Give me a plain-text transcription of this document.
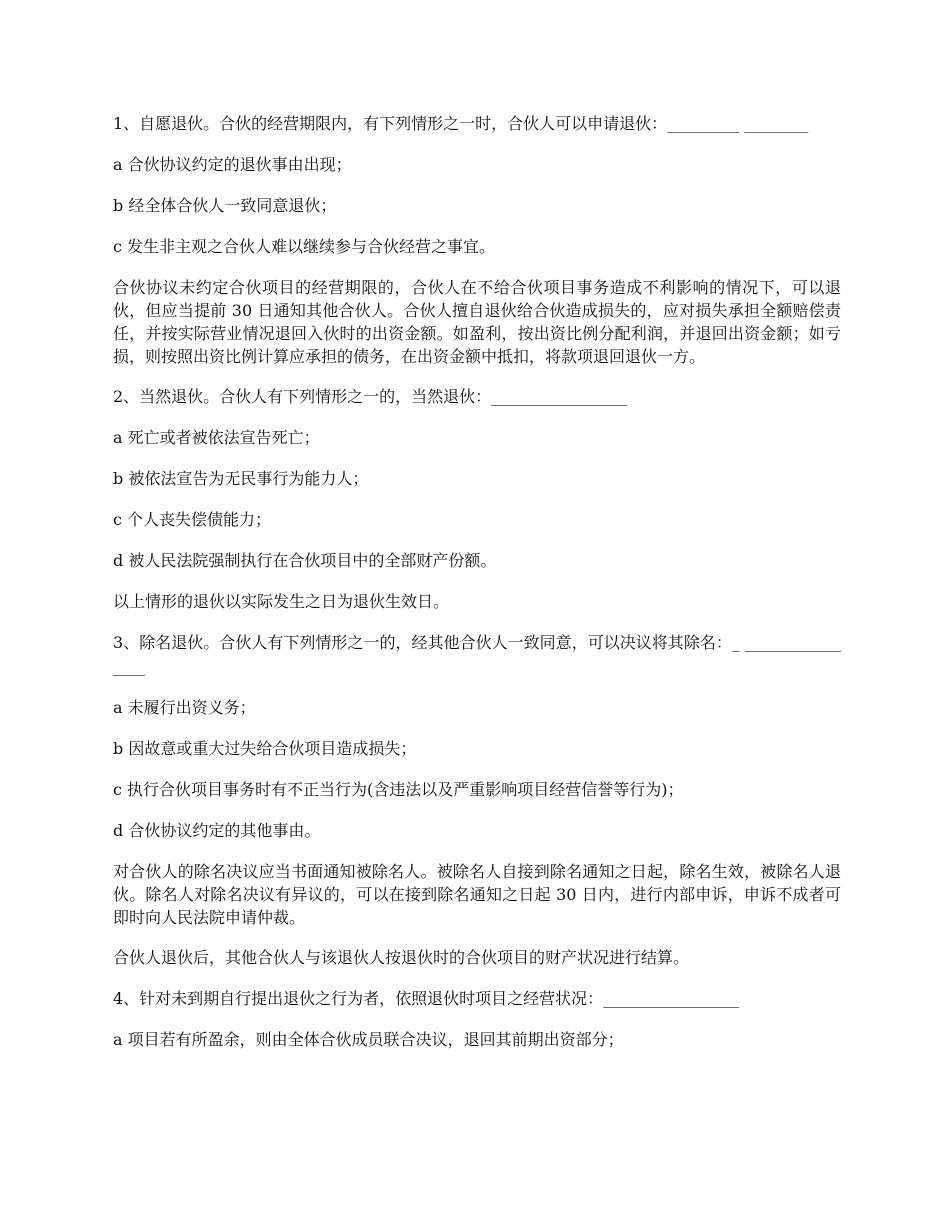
1、自愿退伙。合伙的经营期限内，有下列情形之一时，合伙人可以申请退伙：_________ ________

a 合伙协议约定的退伙事由出现；

b 经全体合伙人一致同意退伙；

c 发生非主观之合伙人难以继续参与合伙经营之事宜。

合伙协议未约定合伙项目的经营期限的，合伙人在不给合伙项目事务造成不利影响的情况下，可以退伙，但应当提前 30 日通知其他合伙人。合伙人擅自退伙给合伙造成损失的，应对损失承担全额赔偿责任，并按实际营业情况退回入伙时的出资金额。如盈利，按出资比例分配利润，并退回出资金额；如亏损，则按照出资比例计算应承担的债务，在出资金额中抵扣，将款项退回退伙一方。

2、当然退伙。合伙人有下列情形之一的，当然退伙：_________________

a 死亡或者被依法宣告死亡；

b 被依法宣告为无民事行为能力人；

c 个人丧失偿债能力；

d 被人民法院强制执行在合伙项目中的全部财产份额。

以上情形的退伙以实际发生之日为退伙生效日。

3、除名退伙。合伙人有下列情形之一的，经其他合伙人一致同意，可以决议将其除名：_ ________________

a 未履行出资义务；

b 因故意或重大过失给合伙项目造成损失；

c 执行合伙项目事务时有不正当行为(含违法以及严重影响项目经营信誉等行为)；

d 合伙协议约定的其他事由。

对合伙人的除名决议应当书面通知被除名人。被除名人自接到除名通知之日起，除名生效，被除名人退伙。除名人对除名决议有异议的，可以在接到除名通知之日起 30 日内，进行内部申诉，申诉不成者可即时向人民法院申请仲裁。

合伙人退伙后，其他合伙人与该退伙人按退伙时的合伙项目的财产状况进行结算。

4、针对未到期自行提出退伙之行为者，依照退伙时项目之经营状况：_________________

a 项目若有所盈余，则由全体合伙成员联合决议，退回其前期出资部分；
